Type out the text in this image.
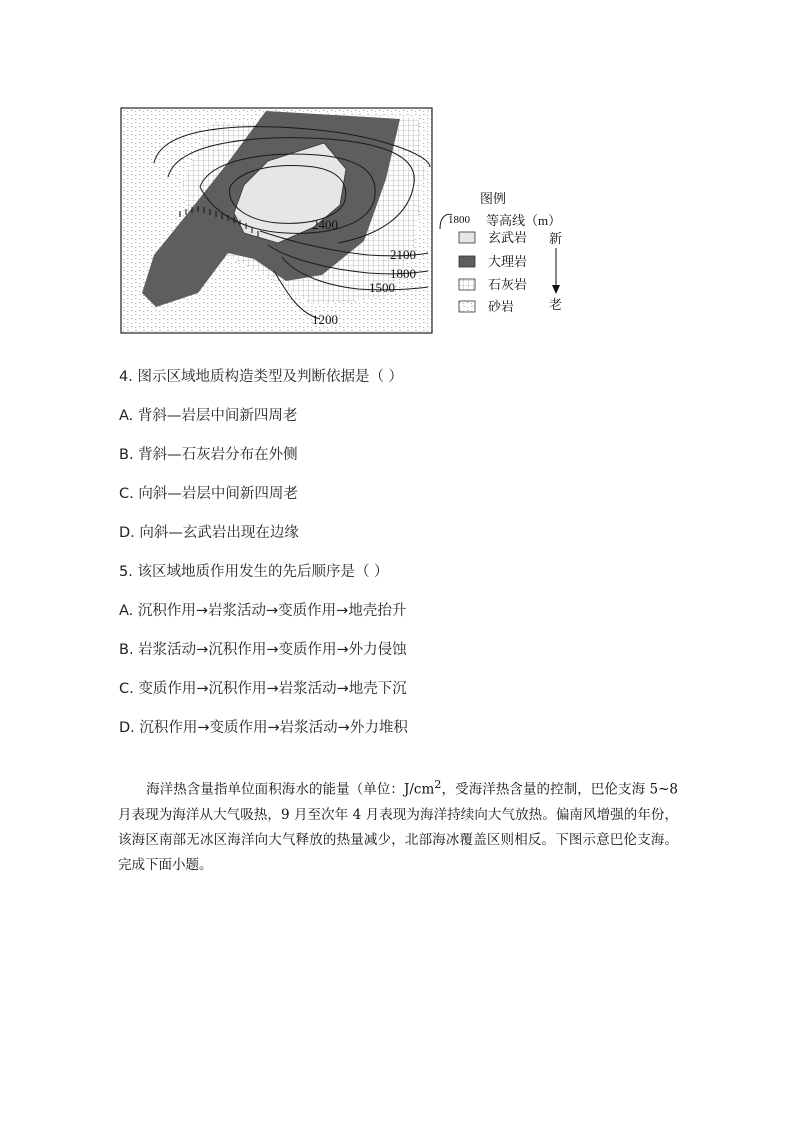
2400
2100
1800
1500
1200
图例
1800 等高线（m）
玄武岩
大理岩
石灰岩
砂岩
新
老
4. 图示区域地质构造类型及判断依据是（ ）
A. 背斜—岩层中间新四周老
B. 背斜—石灰岩分布在外侧
C. 向斜—岩层中间新四周老
D. 向斜—玄武岩出现在边缘
5. 该区域地质作用发生的先后顺序是（ ）
A. 沉积作用→岩浆活动→变质作用→地壳抬升
B. 岩浆活动→沉积作用→变质作用→外力侵蚀
C. 变质作用→沉积作用→岩浆活动→地壳下沉
D. 沉积作用→变质作用→岩浆活动→外力堆积
海洋热含量指单位面积海水的能量（单位：$J/cm^2$，受海洋热含量的控制，巴伦支海 5~8 月表现为海洋从大气吸热，9 月至次年 4 月表现为海洋持续向大气放热。偏南风增强的年份，该海区南部无冰区海洋向大气释放的热量减少，北部海冰覆盖区则相反。下图示意巴伦支海。完成下面小题。
